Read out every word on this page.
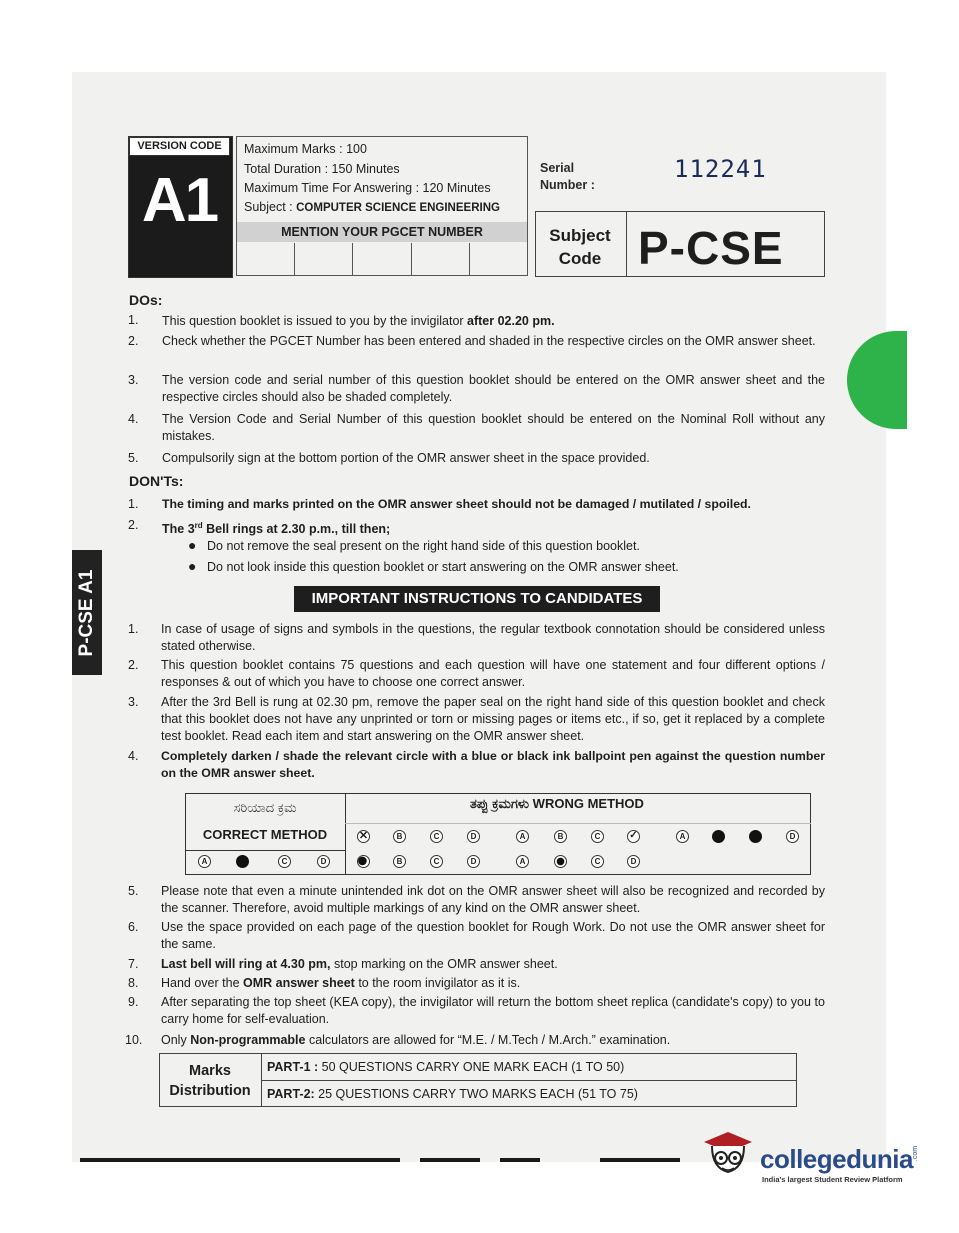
P-CSE A1
VERSION CODE
A1
Maximum Marks : 100
Total Duration : 150 Minutes
Maximum Time For Answering : 120 Minutes
Subject : COMPUTER SCIENCE ENGINEERING
MENTION YOUR PGCET NUMBER
Serial
Number :
112241
Subject
Code P-CSE
DOs:
1. This question booklet is issued to you by the invigilator after 02.20 pm.
2. Check whether the PGCET Number has been entered and shaded in the respective circles on the OMR answer sheet.
3. The version code and serial number of this question booklet should be entered on the OMR answer sheet and the respective circles should also be shaded completely.
4. The Version Code and Serial Number of this question booklet should be entered on the Nominal Roll without any mistakes.
5. Compulsorily sign at the bottom portion of the OMR answer sheet in the space provided.
DON'Ts:
1. The timing and marks printed on the OMR answer sheet should not be damaged / mutilated / spoiled.
2. The 3rd Bell rings at 2.30 p.m., till then;
● Do not remove the seal present on the right hand side of this question booklet.
● Do not look inside this question booklet or start answering on the OMR answer sheet.
IMPORTANT INSTRUCTIONS TO CANDIDATES
1. In case of usage of signs and symbols in the questions, the regular textbook connotation should be considered unless stated otherwise.
2. This question booklet contains 75 questions and each question will have one statement and four different options / responses & out of which you have to choose one correct answer.
3. After the 3rd Bell is rung at 02.30 pm, remove the paper seal on the right hand side of this question booklet and check that this booklet does not have any unprinted or torn or missing pages or items etc., if so, get it replaced by a complete test booklet. Read each item and start answering on the OMR answer sheet.
4. Completely darken / shade the relevant circle with a blue or black ink ballpoint pen against the question number on the OMR answer sheet.
ಸರಿಯಾದ ಕ್ರಮ
CORRECT METHOD
ತಪ್ಪು ಕ್ರಮಗಳು WRONG METHOD
A	C	D
✕	B	C	D	A	B	C	✓	A	D
B	C	D	A	C	D
5. Please note that even a minute unintended ink dot on the OMR answer sheet will also be recognized and recorded by the scanner. Therefore, avoid multiple markings of any kind on the OMR answer sheet.
6. Use the space provided on each page of the question booklet for Rough Work. Do not use the OMR answer sheet for the same.
7. Last bell will ring at 4.30 pm, stop marking on the OMR answer sheet.
8. Hand over the OMR answer sheet to the room invigilator as it is.
9. After separating the top sheet (KEA copy), the invigilator will return the bottom sheet replica (candidate's copy) to you to carry home for self-evaluation.
10. Only Non-programmable calculators are allowed for “M.E. / M.Tech / M.Arch.” examination.
Marks
Distribution
PART-1 : 50 QUESTIONS CARRY ONE MARK EACH (1 TO 50)
PART-2: 25 QUESTIONS CARRY TWO MARKS EACH (51 TO 75)
collegedunia .com
India's largest Student Review Platform
